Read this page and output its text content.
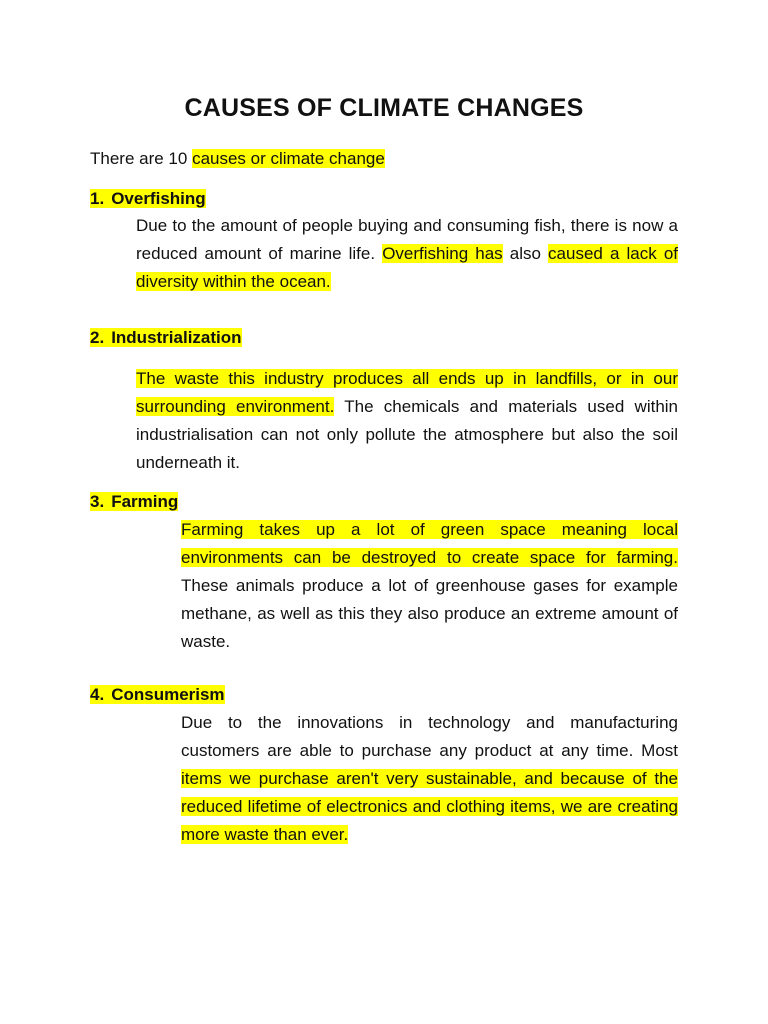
CAUSES OF CLIMATE CHANGES
There are 10 causes or climate change
1. Overfishing
Due to the amount of people buying and consuming fish, there is now a reduced amount of marine life. Overfishing has also caused a lack of diversity within the ocean.
2. Industrialization
The waste this industry produces all ends up in landfills, or in our surrounding environment. The chemicals and materials used within industrialisation can not only pollute the atmosphere but also the soil underneath it.
3. Farming
Farming takes up a lot of green space meaning local environments can be destroyed to create space for farming. These animals produce a lot of greenhouse gases for example methane, as well as this they also produce an extreme amount of waste.
4. Consumerism
Due to the innovations in technology and manufacturing customers are able to purchase any product at any time. Most items we purchase aren't very sustainable, and because of the reduced lifetime of electronics and clothing items, we are creating more waste than ever.
